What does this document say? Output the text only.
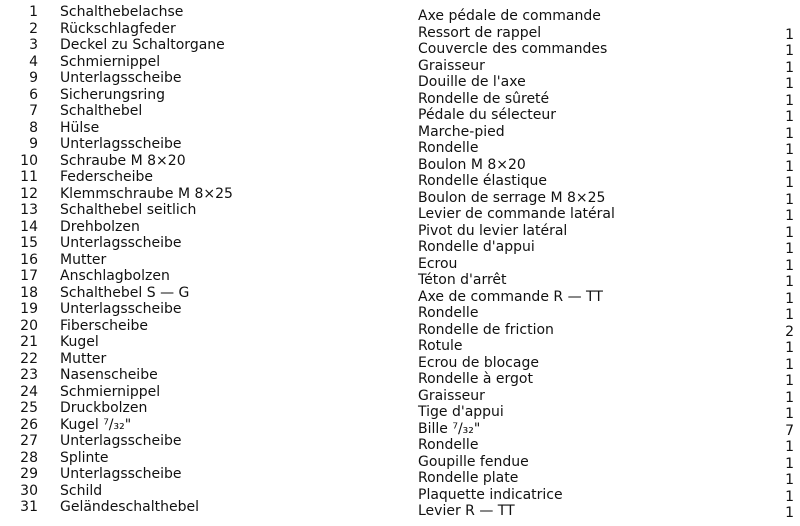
1 Schalthebelachse	Axe pédale de commande
2 Rückschlagfeder	Ressort de rappel	1
3 Deckel zu Schaltorgane	Couvercle des commandes	1
4 Schmiernippel	Graisseur	1
9 Unterlagsscheibe	Douille de l'axe	1
6 Sicherungsring	Rondelle de sûreté	1
7 Schalthebel	Pédale du sélecteur	1
8 Hülse	Marche-pied	1
9 Unterlagsscheibe	Rondelle	1
10 Schraube M 8×20	Boulon M 8×20	1
11 Federscheibe	Rondelle élastique	1
12 Klemmschraube M 8×25	Boulon de serrage M 8×25	1
13 Schalthebel seitlich	Levier de commande latéral	1
14 Drehbolzen	Pivot du levier latéral	1
15 Unterlagsscheibe	Rondelle d'appui	1
16 Mutter	Ecrou	1
17 Anschlagbolzen	Téton d'arrêt	1
18 Schalthebel S — G	Axe de commande R — TT	1
19 Unterlagsscheibe	Rondelle	1
20 Fiberscheibe	Rondelle de friction	2
21 Kugel	Rotule	1
22 Mutter	Ecrou de blocage	1
23 Nasenscheibe	Rondelle à ergot	1
24 Schmiernippel	Graisseur	1
25 Druckbolzen	Tige d'appui	1
26 Kugel ⁷/₃₂"	Bille ⁷/₃₂"	7
27 Unterlagsscheibe	Rondelle	1
28 Splinte	Goupille fendue	1
29 Unterlagsscheibe	Rondelle plate	1
30 Schild	Plaquette indicatrice	1
31 Geländeschalthebel	Levier R — TT	1
